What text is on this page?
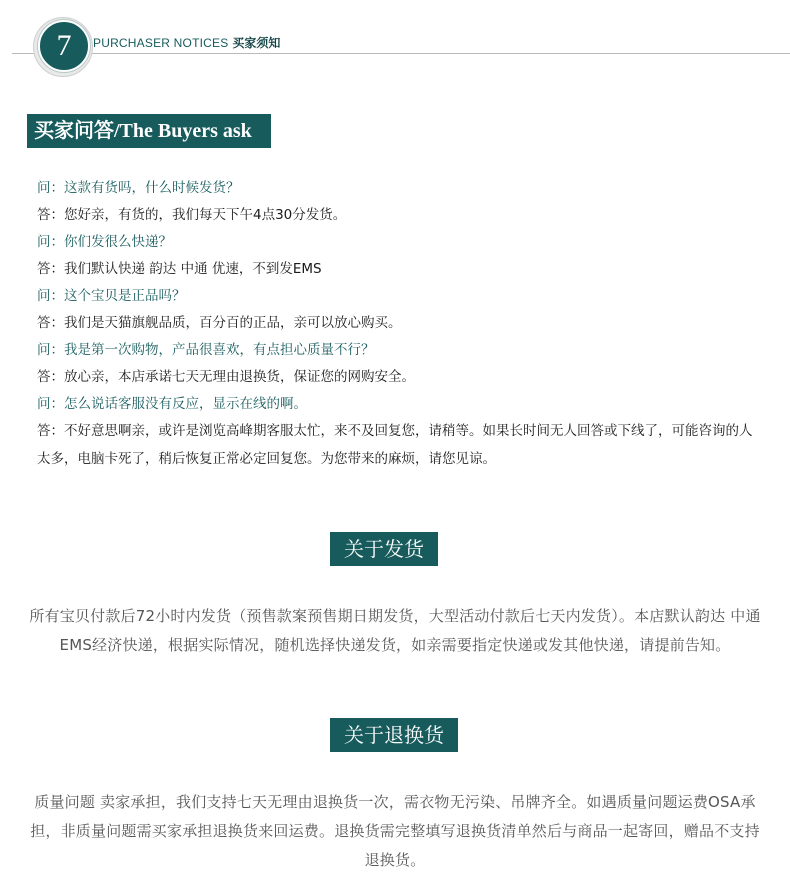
7	PURCHASER NOTICES 买家须知
买家问答/The Buyers ask
问：这款有货吗，什么时候发货？
答：您好亲，有货的，我们每天下午4点30分发货。
问：你们发很么快递？
答：我们默认快递 韵达 中通 优速，不到发EMS
问：这个宝贝是正品吗？
答：我们是天猫旗舰品质，百分百的正品，亲可以放心购买。
问：我是第一次购物，产品很喜欢，有点担心质量不行？
答：放心亲，本店承诺七天无理由退换货，保证您的网购安全。
问：怎么说话客服没有反应，显示在线的啊。
答：不好意思啊亲，或许是浏览高峰期客服太忙，来不及回复您，请稍等。如果长时间无人回答或下线了，可能咨询的人太多，电脑卡死了，稍后恢复正常必定回复您。为您带来的麻烦，请您见谅。
关于发货
所有宝贝付款后72小时内发货（预售款案预售期日期发货，大型活动付款后七天内发货）。本店默认韵达 中通 EMS经济快递，根据实际情况，随机选择快递发货，如亲需要指定快递或发其他快递，请提前告知。
关于退换货
质量问题 卖家承担，我们支持七天无理由退换货一次，需衣物无污染、吊牌齐全。如遇质量问题运费OSA承担，非质量问题需买家承担退换货来回运费。退换货需完整填写退换货清单然后与商品一起寄回，赠品不支持退换货。
